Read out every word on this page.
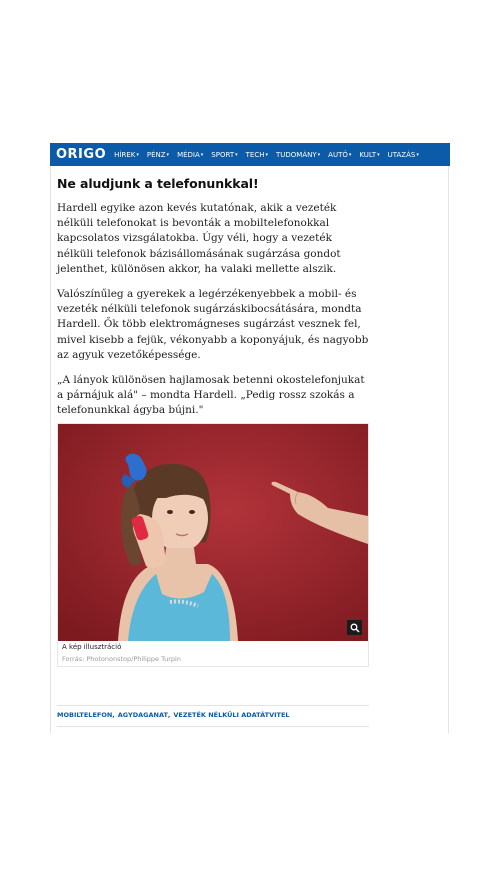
ORIGO HÍREK ▾ PÉNZ ▾ MÉDIA ▾ SPORT ▾ TECH ▾ TUDOMÁNY ▾ AUTÓ ▾ KULT ▾ UTAZÁS ▾
Ne aludjunk a telefonunkkal!

Hardell egyike azon kevés kutatónak, akik a vezeték nélküli telefonokat is bevonták a mobiltelefonokkal kapcsolatos vizsgálatokba. Úgy véli, hogy a vezeték nélküli telefonok bázisállomásának sugárzása gondot jelenthet, különösen akkor, ha valaki mellette alszik.

Valószínűleg a gyerekek a legérzékenyebbek a mobil- és vezeték nélküli telefonok sugárzáskibocsátására, mondta Hardell. Ők több elektromágneses sugárzást vesznek fel, mivel kisebb a fejük, vékonyabb a koponyájuk, és nagyobb az agyuk vezetőképessége.

„A lányok különösen hajlamosak betenni okostelefonjukat a párnájuk alá" – mondta Hardell. „Pedig rossz szokás a telefonunkkal ágyba bújni."

A kép illusztráció
Forrás: Photononstop/Philippe Turpin
MOBILTELEFON , AGYDAGANAT , VEZETÉK NÉLKÜLI ADATÁTVITEL
